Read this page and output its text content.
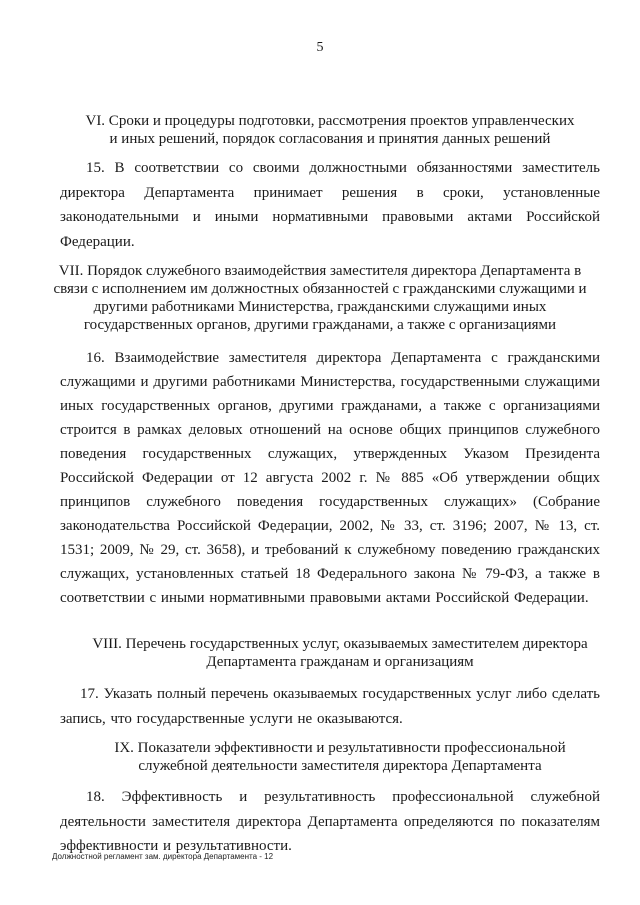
5
VI. Сроки и процедуры подготовки, рассмотрения проектов управленческих и иных решений, порядок согласования и принятия данных решений
15. В соответствии со своими должностными обязанностями заместитель директора Департамента принимает решения в сроки, установленные законодательными и иными нормативными правовыми актами Российской Федерации.
VII. Порядок служебного взаимодействия заместителя директора Департамента в связи с исполнением им должностных обязанностей с гражданскими служащими и другими работниками Министерства, гражданскими служащими иных государственных органов, другими гражданами, а также с организациями
16. Взаимодействие заместителя директора Департамента с гражданскими служащими и другими работниками Министерства, государственными служащими иных государственных органов, другими гражданами, а также с организациями строится в рамках деловых отношений на основе общих принципов служебного поведения государственных служащих, утвержденных Указом Президента Российской Федерации от 12 августа 2002 г. № 885 «Об утверждении общих принципов служебного поведения государственных служащих» (Собрание законодательства Российской Федерации, 2002, № 33, ст. 3196; 2007, № 13, ст. 1531; 2009, № 29, ст. 3658), и требований к служебному поведению гражданских служащих, установленных статьей 18 Федерального закона № 79-ФЗ, а также в соответствии с иными нормативными правовыми актами Российской Федерации.
VIII. Перечень государственных услуг, оказываемых заместителем директора Департамента гражданам и организациям
17. Указать полный перечень оказываемых государственных услуг либо сделать запись, что государственные услуги не оказываются.
IX. Показатели эффективности и результативности профессиональной служебной деятельности заместителя директора Департамента
18. Эффективность и результативность профессиональной служебной деятельности заместителя директора Департамента определяются по показателям эффективности и результативности.
Должностной регламент зам. директора Департамента - 12
